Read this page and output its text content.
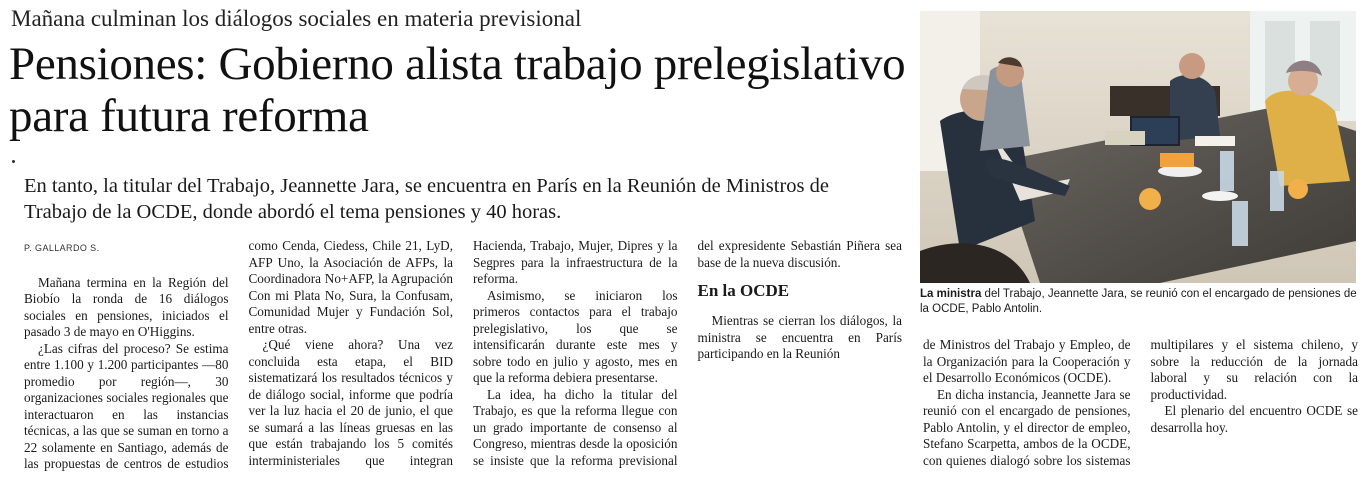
Mañana culminan los diálogos sociales en materia previsional
Pensiones: Gobierno alista trabajo prelegislativo para futura reforma
En tanto, la titular del Trabajo, Jeannette Jara, se encuentra en París en la Reunión de Ministros de Trabajo de la OCDE, donde abordó el tema pensiones y 40 horas.
P. GALLARDO S.

Mañana termina en la Región del Biobío la ronda de 16 diálogos sociales en pensiones, iniciados el pasado 3 de mayo en O'Higgins.

¿Las cifras del proceso? Se estima entre 1.100 y 1.200 participantes —80 promedio por región—, 30 organizaciones sociales regionales que interactuaron en las instancias técnicas, a las que se suman en torno a 22 solamente en Santiago, además de las propuestas de centros de estudios como Cenda, Ciedess, Chile 21, LyD, AFP Uno, la Asociación de AFPs, la Coordinadora No+AFP, la Agrupación Con mi Plata No, Sura, la Confusam, Comunidad Mujer y Fundación Sol, entre otras.

¿Qué viene ahora? Una vez concluida esta etapa, el BID sistematizará los resultados técnicos y de diálogo social, informe que podría ver la luz hacia el 20 de junio, el que se sumará a las líneas gruesas en las que están trabajando los 5 comités interministeriales que integran Hacienda, Trabajo, Mujer, Dipres y la Segpres para la infraestructura de la reforma.

Asimismo, se iniciaron los primeros contactos para el trabajo prelegislativo, los que se intensificarán durante este mes y sobre todo en julio y agosto, mes en que la reforma debiera presentarse.

La idea, ha dicho la titular del Trabajo, es que la reforma llegue con un grado importante de consenso al Congreso, mientras desde la oposición se insiste que la reforma previsional del expresidente Sebastián Piñera sea base de la nueva discusión.

En la OCDE

Mientras se cierran los diálogos, la ministra se encuentra en París participando en la Reunión

La ministra del Trabajo, Jeannette Jara, se reunió con el encargado de pensiones de la OCDE, Pablo Antolin.

de Ministros del Trabajo y Empleo, de la Organización para la Cooperación y el Desarrollo Económicos (OCDE).

En dicha instancia, Jeannette Jara se reunió con el encargado de pensiones, Pablo Antolin, y el director de empleo, Stefano Scarpetta, ambos de la OCDE, con quienes dialogó sobre los sistemas multipilares y el sistema chileno, y sobre la reducción de la jornada laboral y su relación con la productividad.

El plenario del encuentro OCDE se desarrolla hoy.
